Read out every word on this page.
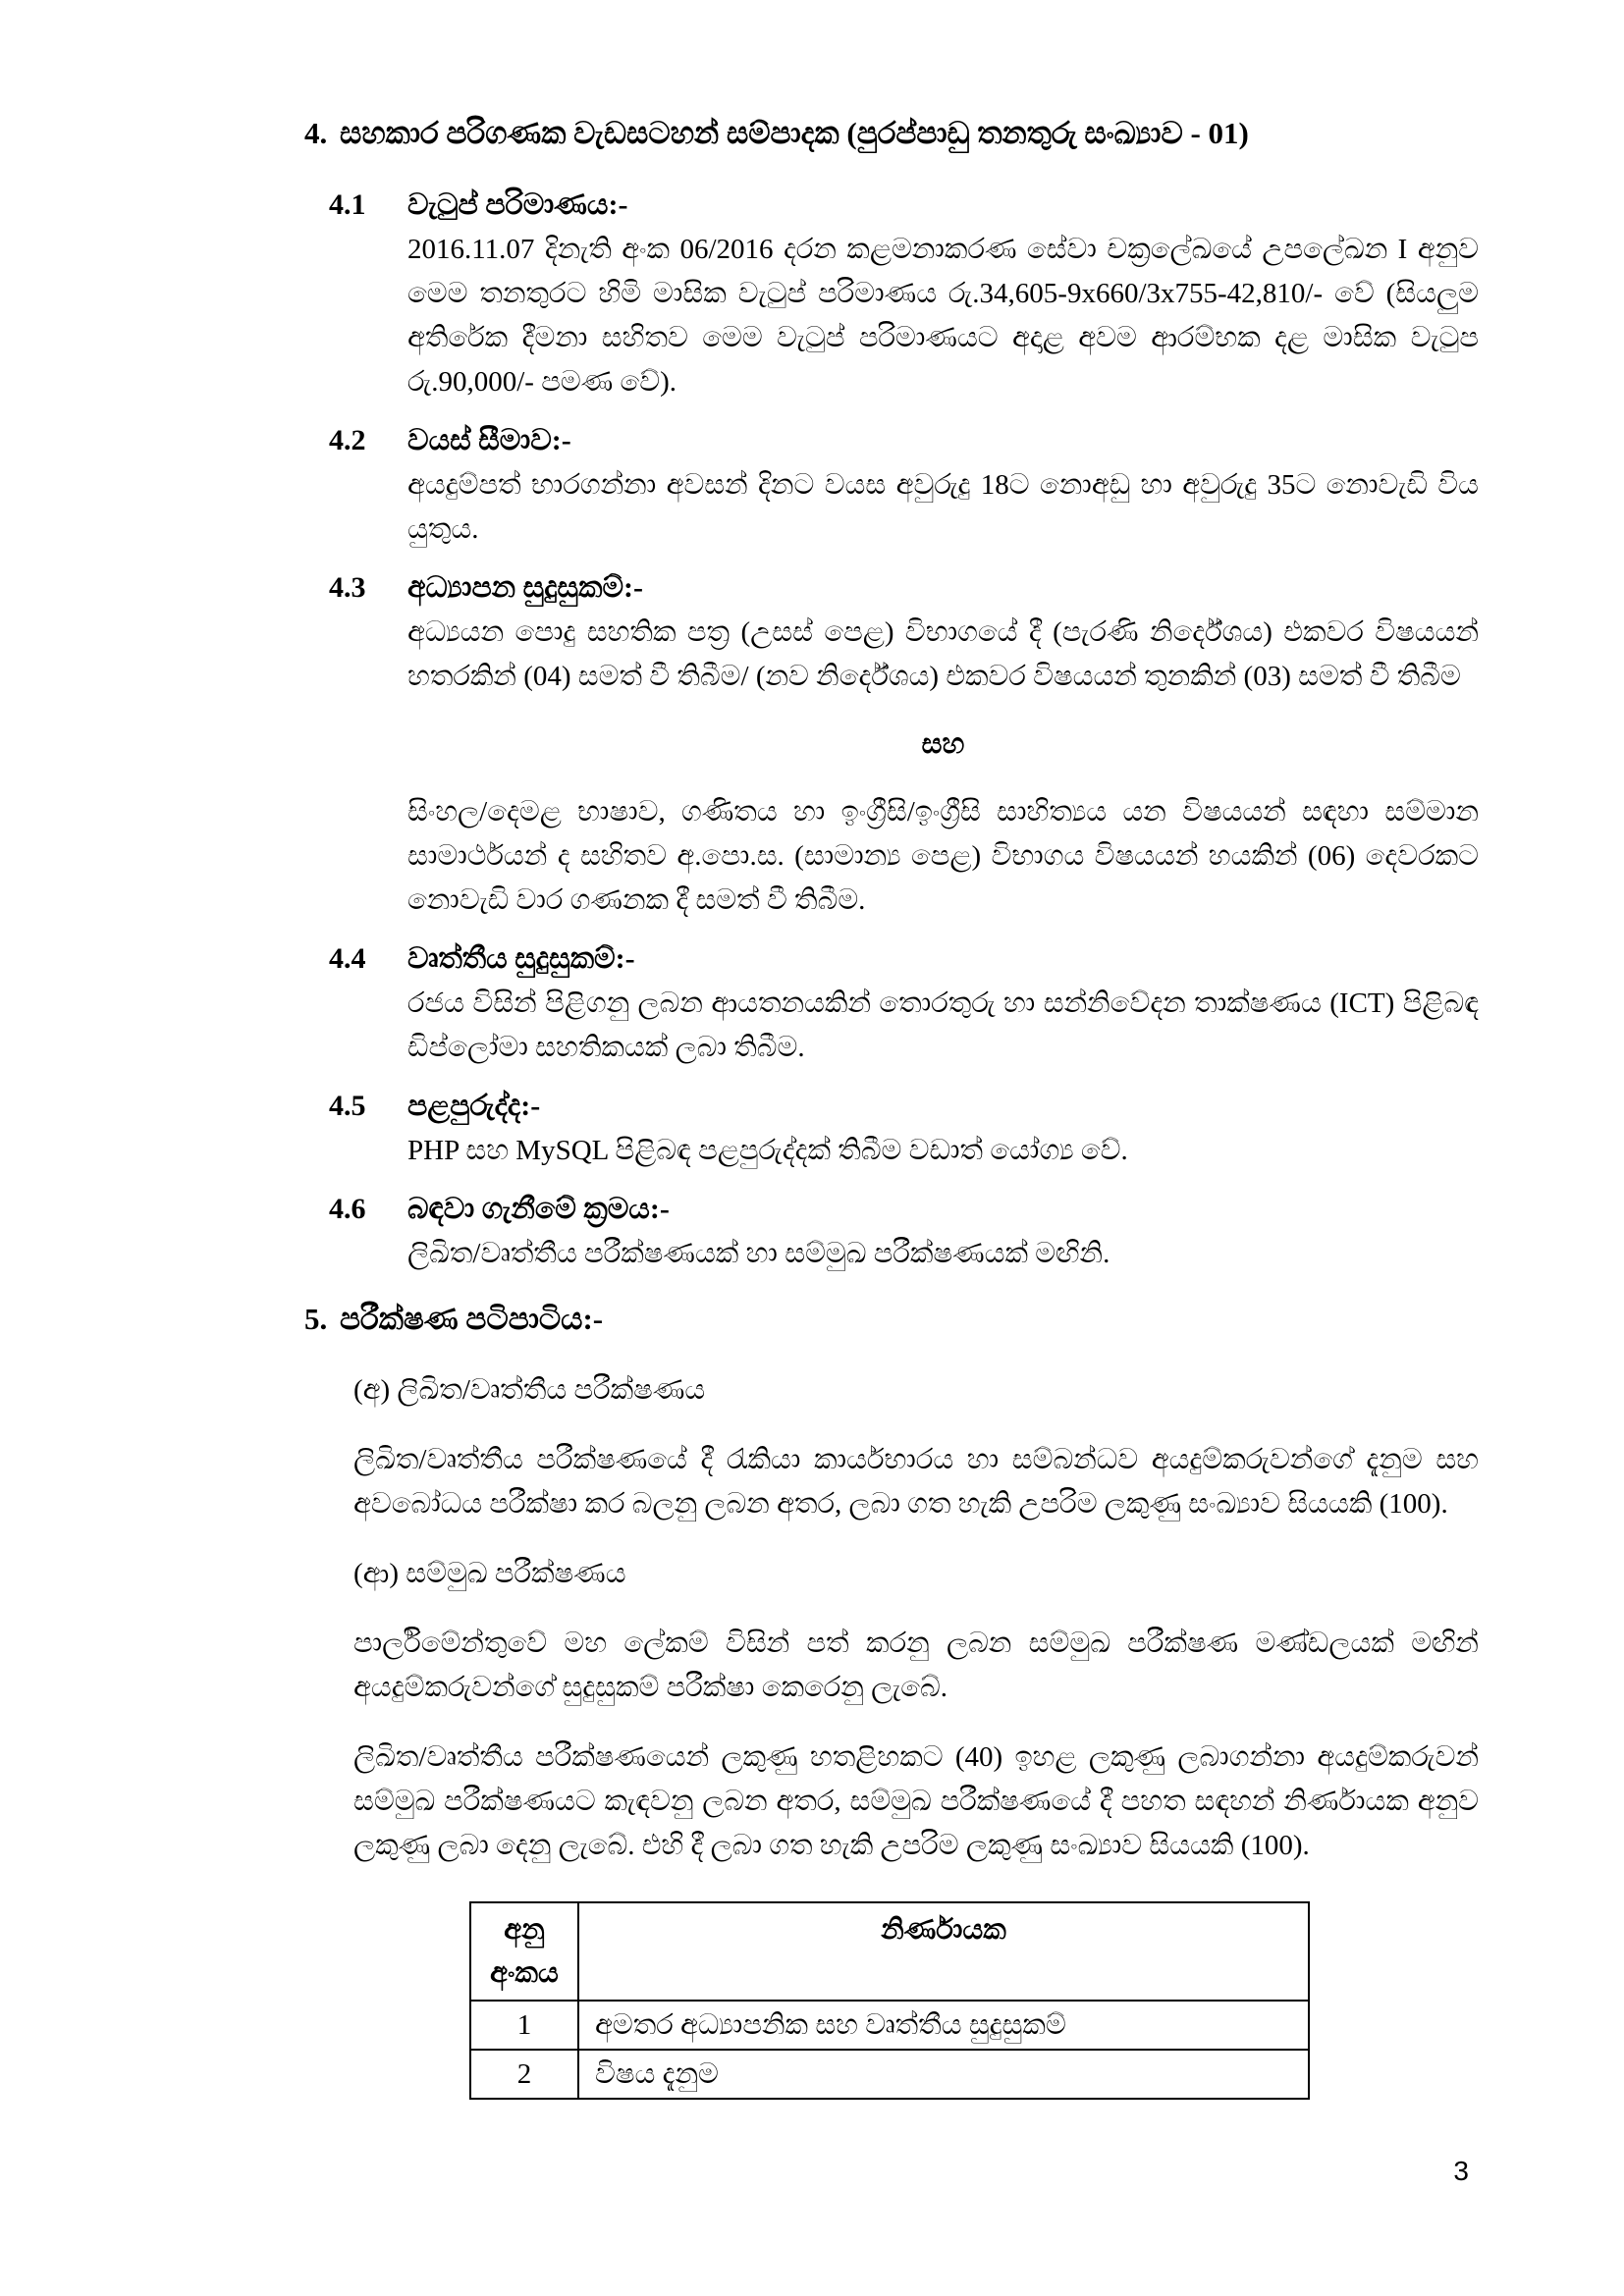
4. සහකාර පරිගණක වැඩසටහන් සම්පාදක (පුරප්පාඩු තනතුරු සංඛ්‍යාව - 01)
4.1	වැටුප් පරිමාණය:-

2016.11.07 දිනැති අංක 06/2016 දරන කළමනාකරණ සේවා චක්‍රලේඛයේ උපලේඛන I අනුව මෙම තනතුරට හිමි මාසික වැටුප් පරිමාණය රු.34,605-9x660/3x755-42,810/- වේ (සියලුම අතිරේක දීමනා සහිතව මෙම වැටුප් පරිමාණයට අදාළ අවම ආරම්භක දළ මාසික වැටුප රු.90,000/- පමණ වේ).

4.2	වයස් සීමාව:-

අයදුම්පත් භාරගන්නා අවසන් දිනට වයස අවුරුදු 18ට නොඅඩු හා අවුරුදු 35ට නොවැඩි විය යුතුය.

4.3	අධ්‍යාපන සුදුසුකම්:-

අධ්‍යයන පොදු සහතික පත්‍ර (උසස් පෙළ) විභාගයේ දී (පැරණි නිර්දේශය) එකවර විෂයයන් හතරකින් (04) සමත් වී තිබීම/ (නව නිර්දේශය) එකවර විෂයයන් තුනකින් (03) සමත් වී තිබීම

සහ

සිංහල/දෙමළ භාෂාව, ගණිතය හා ඉංග්‍රීසි/ඉංග්‍රීසි සාහිත්‍යය යන විෂයයන් සඳහා සම්මාන සාමාර්ථයන් ද සහිතව අ.පො.ස. (සාමාන්‍ය පෙළ) විභාගය විෂයයන් හයකින් (06) දෙවරකට නොවැඩි වාර ගණනක දී සමත් වී තිබීම.

4.4	වෘත්තීය සුදුසුකම්:-

රජය විසින් පිළිගනු ලබන ආයතනයකින් තොරතුරු හා සන්නිවේදන තාක්ෂණය (ICT) පිළිබඳ ඩිප්ලෝමා සහතිකයක් ලබා තිබීම.

4.5	පළපුරුද්ද:-

PHP සහ MySQL පිළිබඳ පළපුරුද්දක් තිබීම වඩාත් යෝග්‍ය වේ.

4.6	බඳවා ගැනීමේ ක්‍රමය:-

ලිඛිත/වෘත්තීය පරීක්ෂණයක් හා සම්මුඛ පරීක්ෂණයක් මඟිනි.

5. පරීක්ෂණ පටිපාටිය:-

(අ) ලිඛිත/වෘත්තීය පරීක්ෂණය

ලිඛිත/වෘත්තීය පරීක්ෂණයේ දී රැකියා කාර්යභාරය හා සම්බන්ධව අයදුම්කරුවන්ගේ දැනුම සහ අවබෝධය පරීක්ෂා කර බලනු ලබන අතර, ලබා ගත හැකි උපරිම ලකුණු සංඛ්‍යාව සියයකි (100).

(ආ) සම්මුඛ පරීක්ෂණය

පාර්ලිමේන්තුවේ මහ ලේකම් විසින් පත් කරනු ලබන සම්මුඛ පරීක්ෂණ මණ්ඩලයක් මඟින් අයදුම්කරුවන්ගේ සුදුසුකම් පරීක්ෂා කෙරෙනු ලැබේ.

ලිඛිත/වෘත්තීය පරීක්ෂණයෙන් ලකුණු හතළිහකට (40) ඉහළ ලකුණු ලබාගන්නා අයදුම්කරුවන් සම්මුඛ පරීක්ෂණයට කැඳවනු ලබන අතර, සම්මුඛ පරීක්ෂණයේ දී පහත සඳහන් නිර්ණායක අනුව ලකුණු ලබා දෙනු ලැබේ. එහි දී ලබා ගත හැකි උපරිම ලකුණු සංඛ්‍යාව සියයකි (100).

අනු අංකය	නිර්ණායක
1	අමතර අධ්‍යාපනික සහ වෘත්තීය සුදුසුකම්
2	විෂය දැනුම
3
